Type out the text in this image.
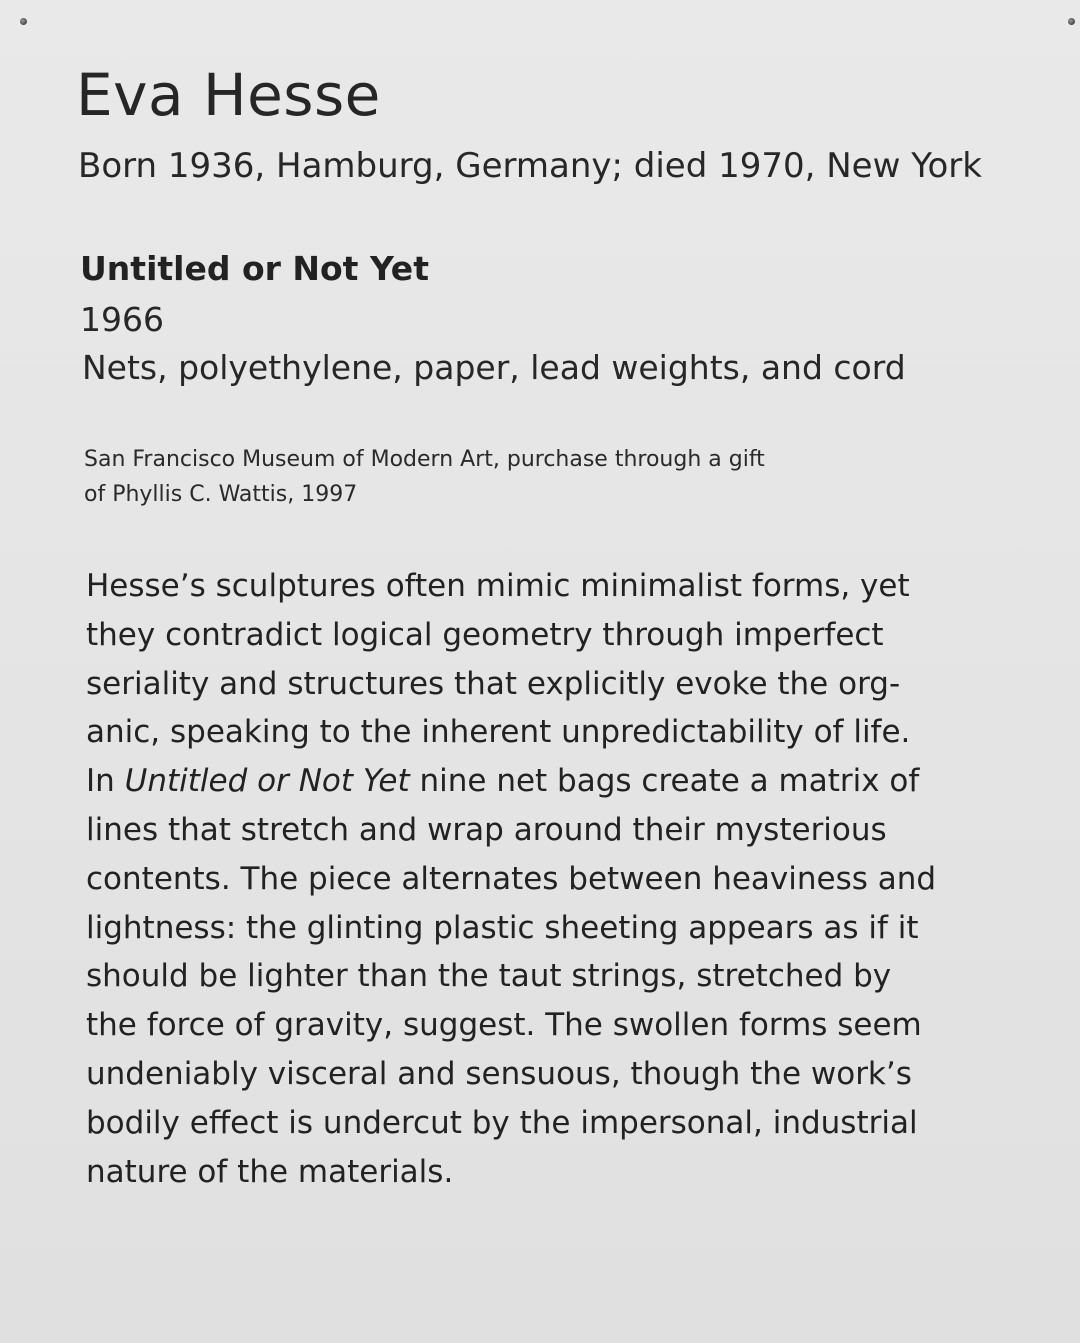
Eva Hesse
Born 1936, Hamburg, Germany; died 1970, New York
Untitled or Not Yet
1966
Nets, polyethylene, paper, lead weights, and cord
San Francisco Museum of Modern Art, purchase through a gift
of Phyllis C. Wattis, 1997
Hesse’s sculptures often mimic minimalist forms, yet
they contradict logical geometry through imperfect
seriality and structures that explicitly evoke the org-
anic, speaking to the inherent unpredictability of life.
In Untitled or Not Yet nine net bags create a matrix of
lines that stretch and wrap around their mysterious
contents. The piece alternates between heaviness and
lightness: the glinting plastic sheeting appears as if it
should be lighter than the taut strings, stretched by
the force of gravity, suggest. The swollen forms seem
undeniably visceral and sensuous, though the work’s
bodily effect is undercut by the impersonal, industrial
nature of the materials.
